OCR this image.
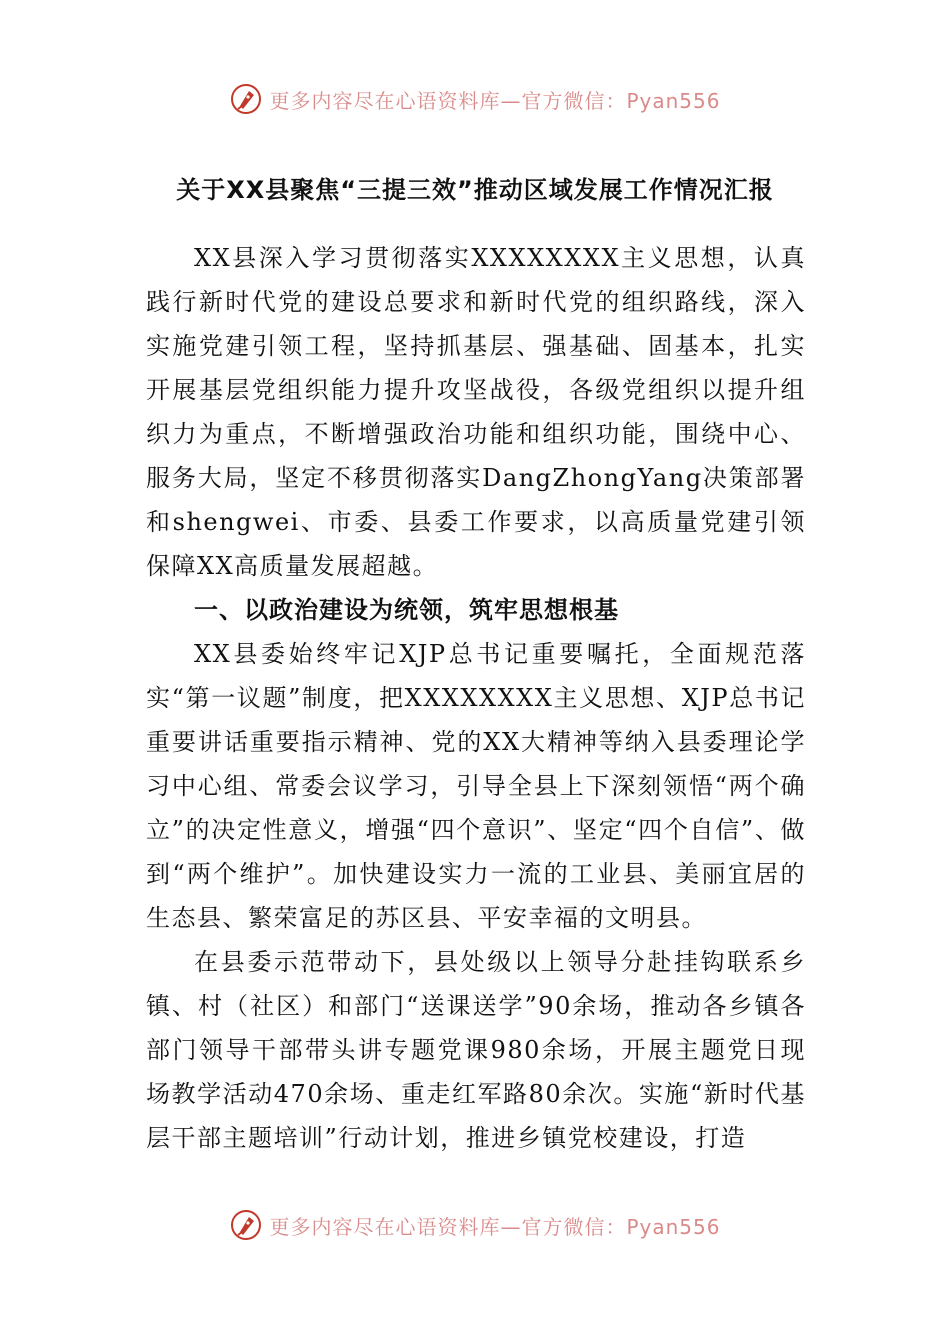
更多内容尽在心语资料库—官方微信：Pyan556
关于XX县聚焦“三提三效”推动区域发展工作情况汇报

XX县深入学习贯彻落实XXXXXXXX主义思想，认真践行新时代党的建设总要求和新时代党的组织路线，深入实施党建引领工程，坚持抓基层、强基础、固基本，扎实开展基层党组织能力提升攻坚战役，各级党组织以提升组织力为重点，不断增强政治功能和组织功能，围绕中心、服务大局，坚定不移贯彻落实DangZhongYang决策部署和shengwei、市委、县委工作要求，以高质量党建引领保障XX高质量发展超越。

一、以政治建设为统领，筑牢思想根基

XX县委始终牢记XJP总书记重要嘱托，全面规范落实“第一议题”制度，把XXXXXXXX主义思想、XJP总书记重要讲话重要指示精神、党的XX大精神等纳入县委理论学习中心组、常委会议学习，引导全县上下深刻领悟“两个确立”的决定性意义，增强“四个意识”、坚定“四个自信”、做到“两个维护”。加快建设实力一流的工业县、美丽宜居的生态县、繁荣富足的苏区县、平安幸福的文明县。

在县委示范带动下，县处级以上领导分赴挂钩联系乡镇、村（社区）和部门“送课送学”90余场，推动各乡镇各部门领导干部带头讲专题党课980余场，开展主题党日现场教学活动470余场、重走红军路80余次。实施“新时代基层干部主题培训”行动计划，推进乡镇党校建设，打造

更多内容尽在心语资料库—官方微信：Pyan556
